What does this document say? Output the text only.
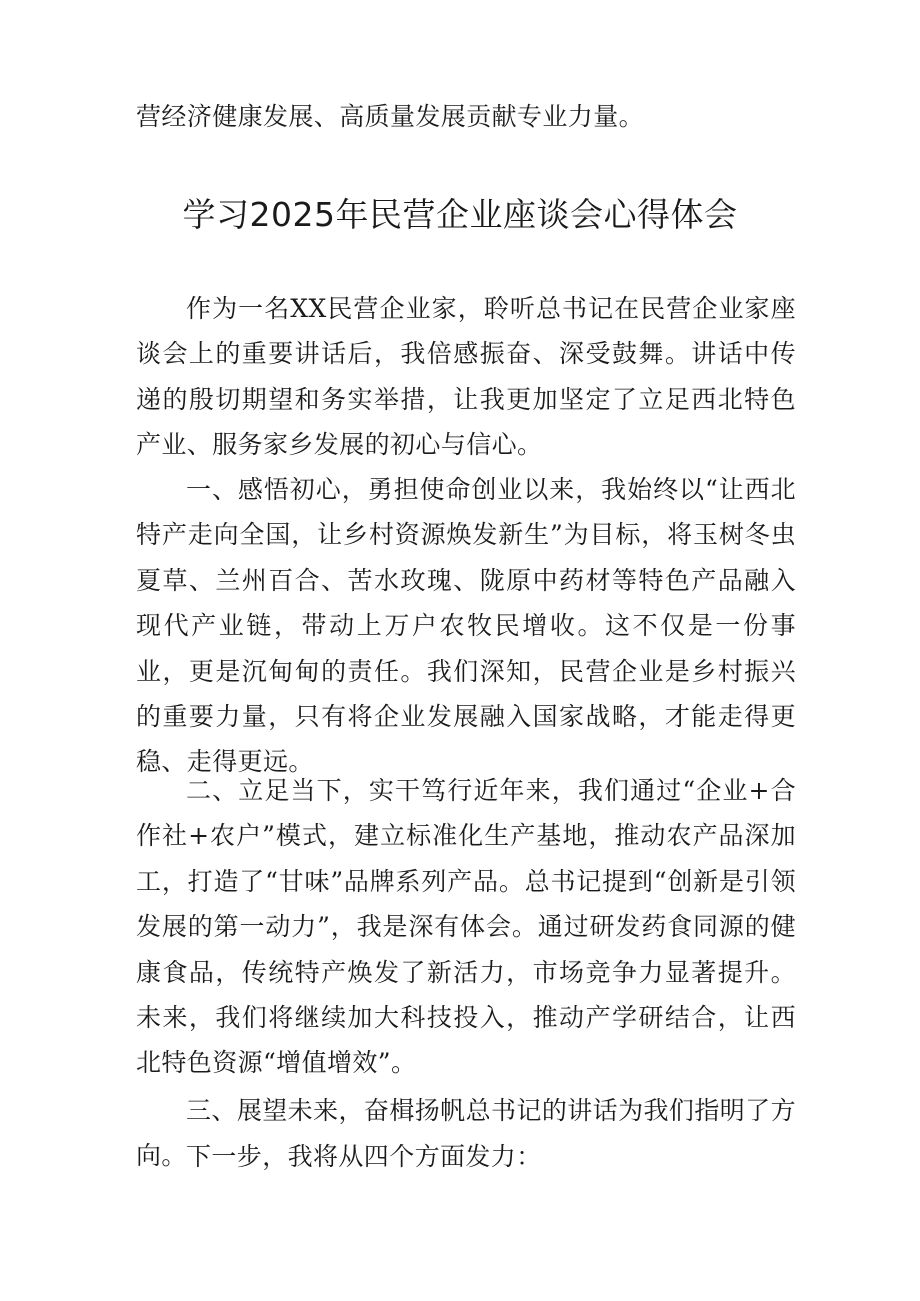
营经济健康发展、高质量发展贡献专业力量。

学习2025年民营企业座谈会心得体会

作为一名XX民营企业家，聆听总书记在民营企业家座谈会上的重要讲话后，我倍感振奋、深受鼓舞。讲话中传递的殷切期望和务实举措，让我更加坚定了立足西北特色产业、服务家乡发展的初心与信心。

一、感悟初心，勇担使命创业以来，我始终以“让西北特产走向全国，让乡村资源焕发新生”为目标，将玉树冬虫夏草、兰州百合、苦水玫瑰、陇原中药材等特色产品融入现代产业链，带动上万户农牧民增收。这不仅是一份事业，更是沉甸甸的责任。我们深知，民营企业是乡村振兴的重要力量，只有将企业发展融入国家战略，才能走得更稳、走得更远。

二、立足当下，实干笃行近年来，我们通过“企业+合作社+农户”模式，建立标准化生产基地，推动农产品深加工，打造了“甘味”品牌系列产品。总书记提到“创新是引领发展的第一动力”，我是深有体会。通过研发药食同源的健康食品，传统特产焕发了新活力，市场竞争力显著提升。未来，我们将继续加大科技投入，推动产学研结合，让西北特色资源“增值增效”。

三、展望未来，奋楫扬帆总书记的讲话为我们指明了方向。 下一步，我将从四个方面发力：
